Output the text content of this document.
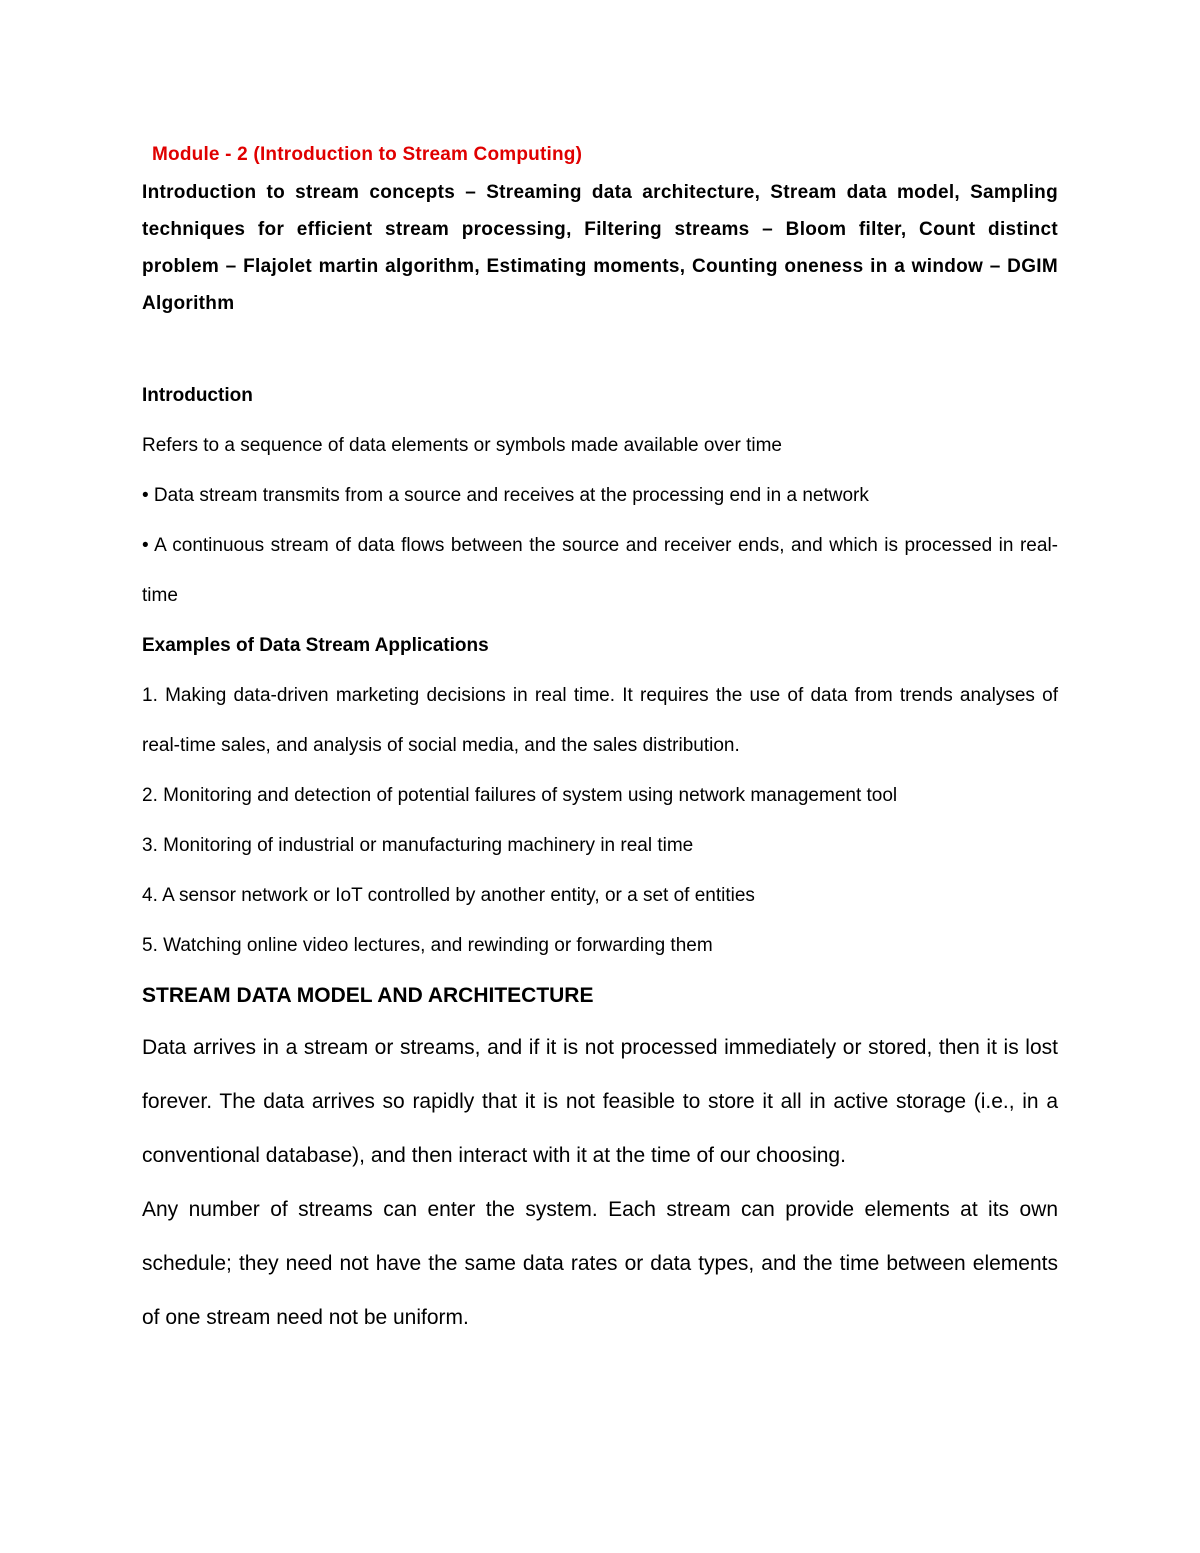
Module - 2 (Introduction to Stream Computing)

Introduction to stream concepts – Streaming data architecture, Stream data model, Sampling techniques for efficient stream processing, Filtering streams – Bloom filter, Count distinct problem – Flajolet martin algorithm, Estimating moments, Counting oneness in a window – DGIM Algorithm

Introduction

Refers to a sequence of data elements or symbols made available over time

• Data stream transmits from a source and receives at the processing end in a network

• A continuous stream of data flows between the source and receiver ends, and which is processed in real-time

Examples of Data Stream Applications

1. Making data-driven marketing decisions in real time. It requires the use of data from trends analyses of real-time sales, and analysis of social media, and the sales distribution.

2. Monitoring and detection of potential failures of system using network management tool

3. Monitoring of industrial or manufacturing machinery in real time

4. A sensor network or IoT controlled by another entity, or a set of entities

5. Watching online video lectures, and rewinding or forwarding them

STREAM DATA MODEL AND ARCHITECTURE

Data arrives in a stream or streams, and if it is not processed immediately or stored, then it is lost forever. The data arrives so rapidly that it is not feasible to store it all in active storage (i.e., in a conventional database), and then interact with it at the time of our choosing.

Any number of streams can enter the system. Each stream can provide elements at its own schedule; they need not have the same data rates or data types, and the time between elements of one stream need not be uniform.
